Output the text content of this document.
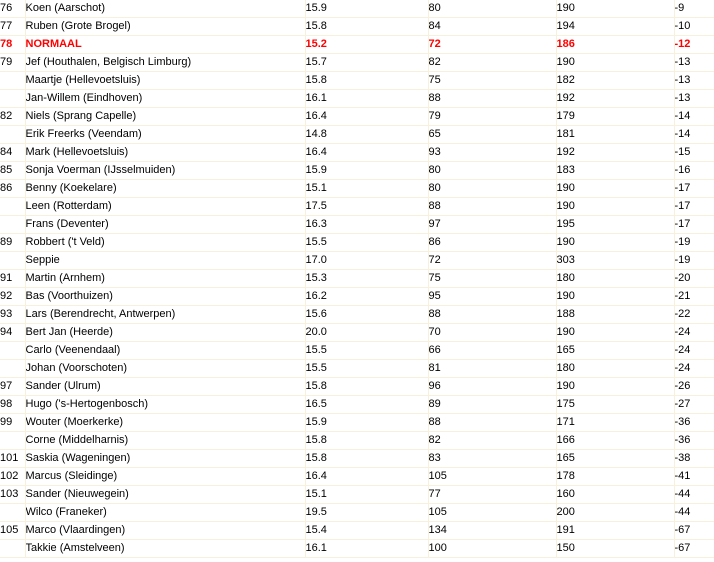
76	Koen (Aarschot)	15.9	80	190	-9
77	Ruben (Grote Brogel)	15.8	84	194	-10
78	NORMAAL	15.2	72	186	-12
79	Jef (Houthalen, Belgisch Limburg)	15.7	82	190	-13
	Maartje (Hellevoetsluis)	15.8	75	182	-13
	Jan-Willem (Eindhoven)	16.1	88	192	-13
82	Niels (Sprang Capelle)	16.4	79	179	-14
	Erik Freerks (Veendam)	14.8	65	181	-14
84	Mark (Hellevoetsluis)	16.4	93	192	-15
85	Sonja Voerman (IJsselmuiden)	15.9	80	183	-16
86	Benny (Koekelare)	15.1	80	190	-17
	Leen (Rotterdam)	17.5	88	190	-17
	Frans (Deventer)	16.3	97	195	-17
89	Robbert ('t Veld)	15.5	86	190	-19
	Seppie	17.0	72	303	-19
91	Martin (Arnhem)	15.3	75	180	-20
92	Bas (Voorthuizen)	16.2	95	190	-21
93	Lars (Berendrecht, Antwerpen)	15.6	88	188	-22
94	Bert Jan (Heerde)	20.0	70	190	-24
	Carlo (Veenendaal)	15.5	66	165	-24
	Johan (Voorschoten)	15.5	81	180	-24
97	Sander (Ulrum)	15.8	96	190	-26
98	Hugo ('s-Hertogenbosch)	16.5	89	175	-27
99	Wouter (Moerkerke)	15.9	88	171	-36
	Corne (Middelharnis)	15.8	82	166	-36
101	Saskia (Wageningen)	15.8	83	165	-38
102	Marcus (Sleidinge)	16.4	105	178	-41
103	Sander (Nieuwegein)	15.1	77	160	-44
	Wilco (Franeker)	19.5	105	200	-44
105	Marco (Vlaardingen)	15.4	134	191	-67
	Takkie (Amstelveen)	16.1	100	150	-67
